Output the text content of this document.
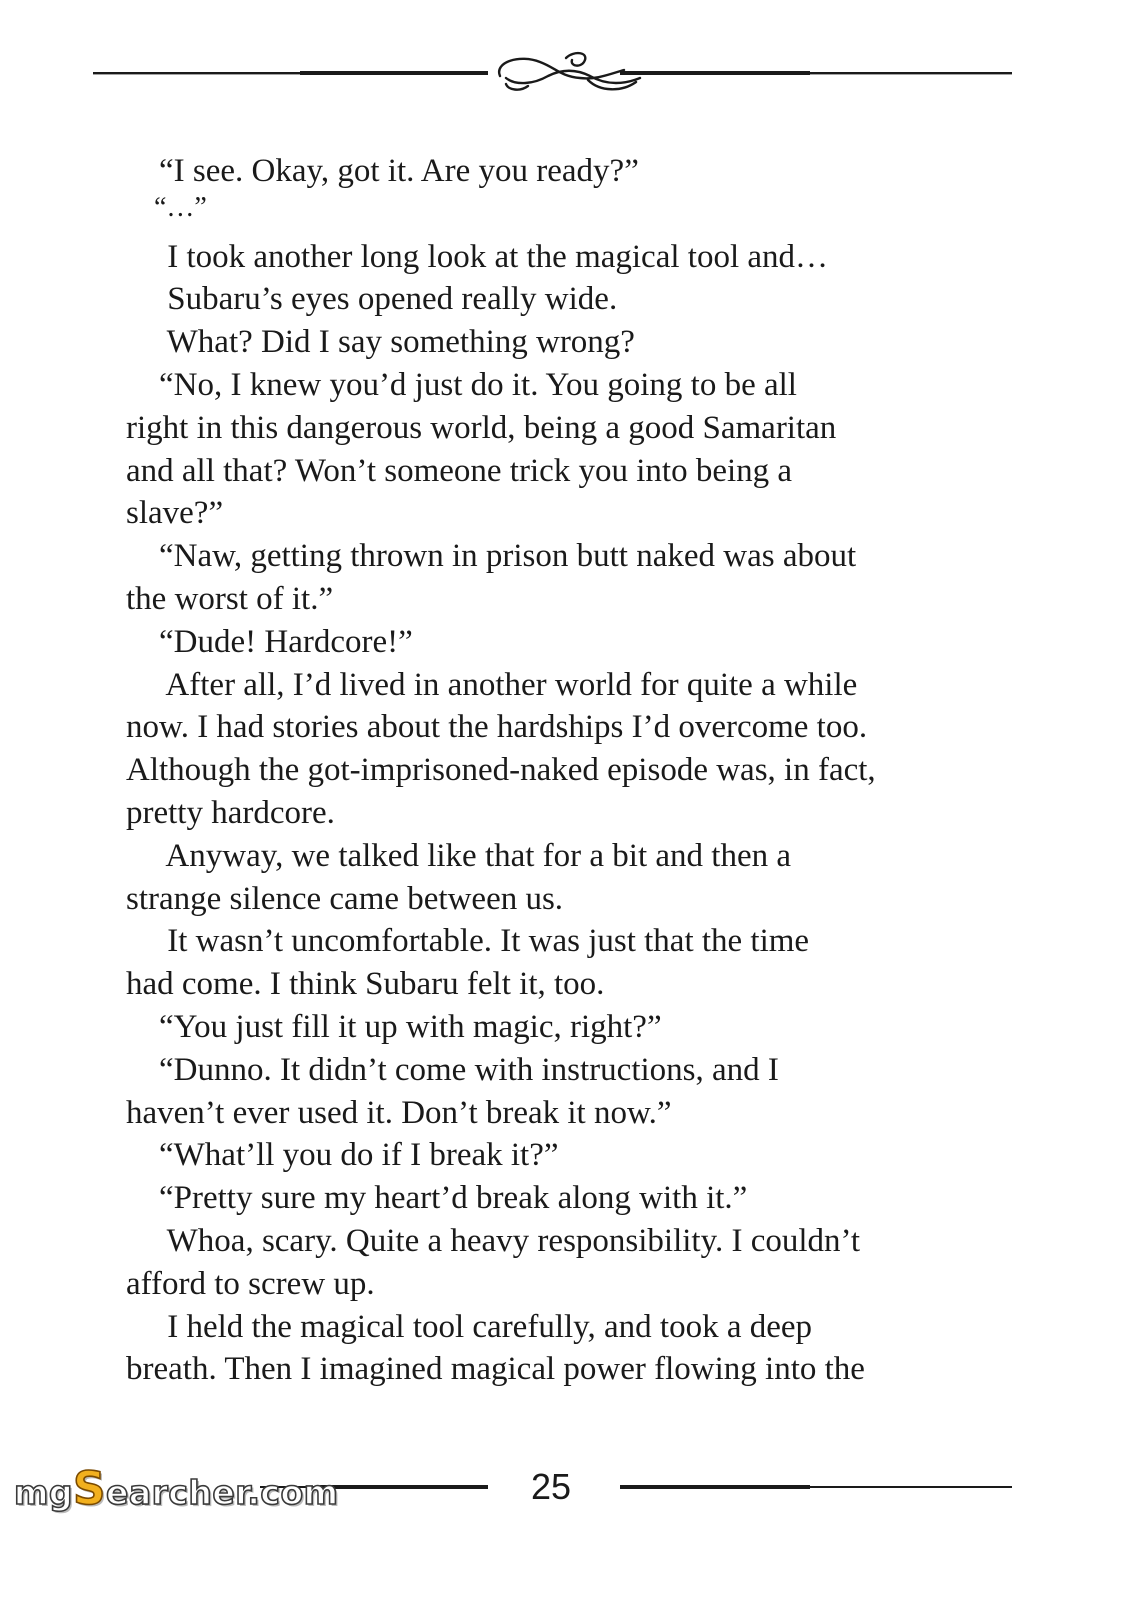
“I see. Okay, got it. Are you ready?”
“…”
I took another long look at the magical tool and…
Subaru’s eyes opened really wide.
What? Did I say something wrong?
“No, I knew you’d just do it. You going to be all
right in this dangerous world, being a good Samaritan
and all that? Won’t someone trick you into being a
slave?”
“Naw, getting thrown in prison butt naked was about
the worst of it.”
“Dude! Hardcore!”
After all, I’d lived in another world for quite a while
now. I had stories about the hardships I’d overcome too.
Although the got-imprisoned-naked episode was, in fact,
pretty hardcore.
Anyway, we talked like that for a bit and then a
strange silence came between us.
It wasn’t uncomfortable. It was just that the time
had come. I think Subaru felt it, too.
“You just fill it up with magic, right?”
“Dunno. It didn’t come with instructions, and I
haven’t ever used it. Don’t break it now.”
“What’ll you do if I break it?”
“Pretty sure my heart’d break along with it.”
Whoa, scary. Quite a heavy responsibility. I couldn’t
afford to screw up.
I held the magical tool carefully, and took a deep
breath. Then I imagined magical power flowing into the
mgSearcher.com	25
